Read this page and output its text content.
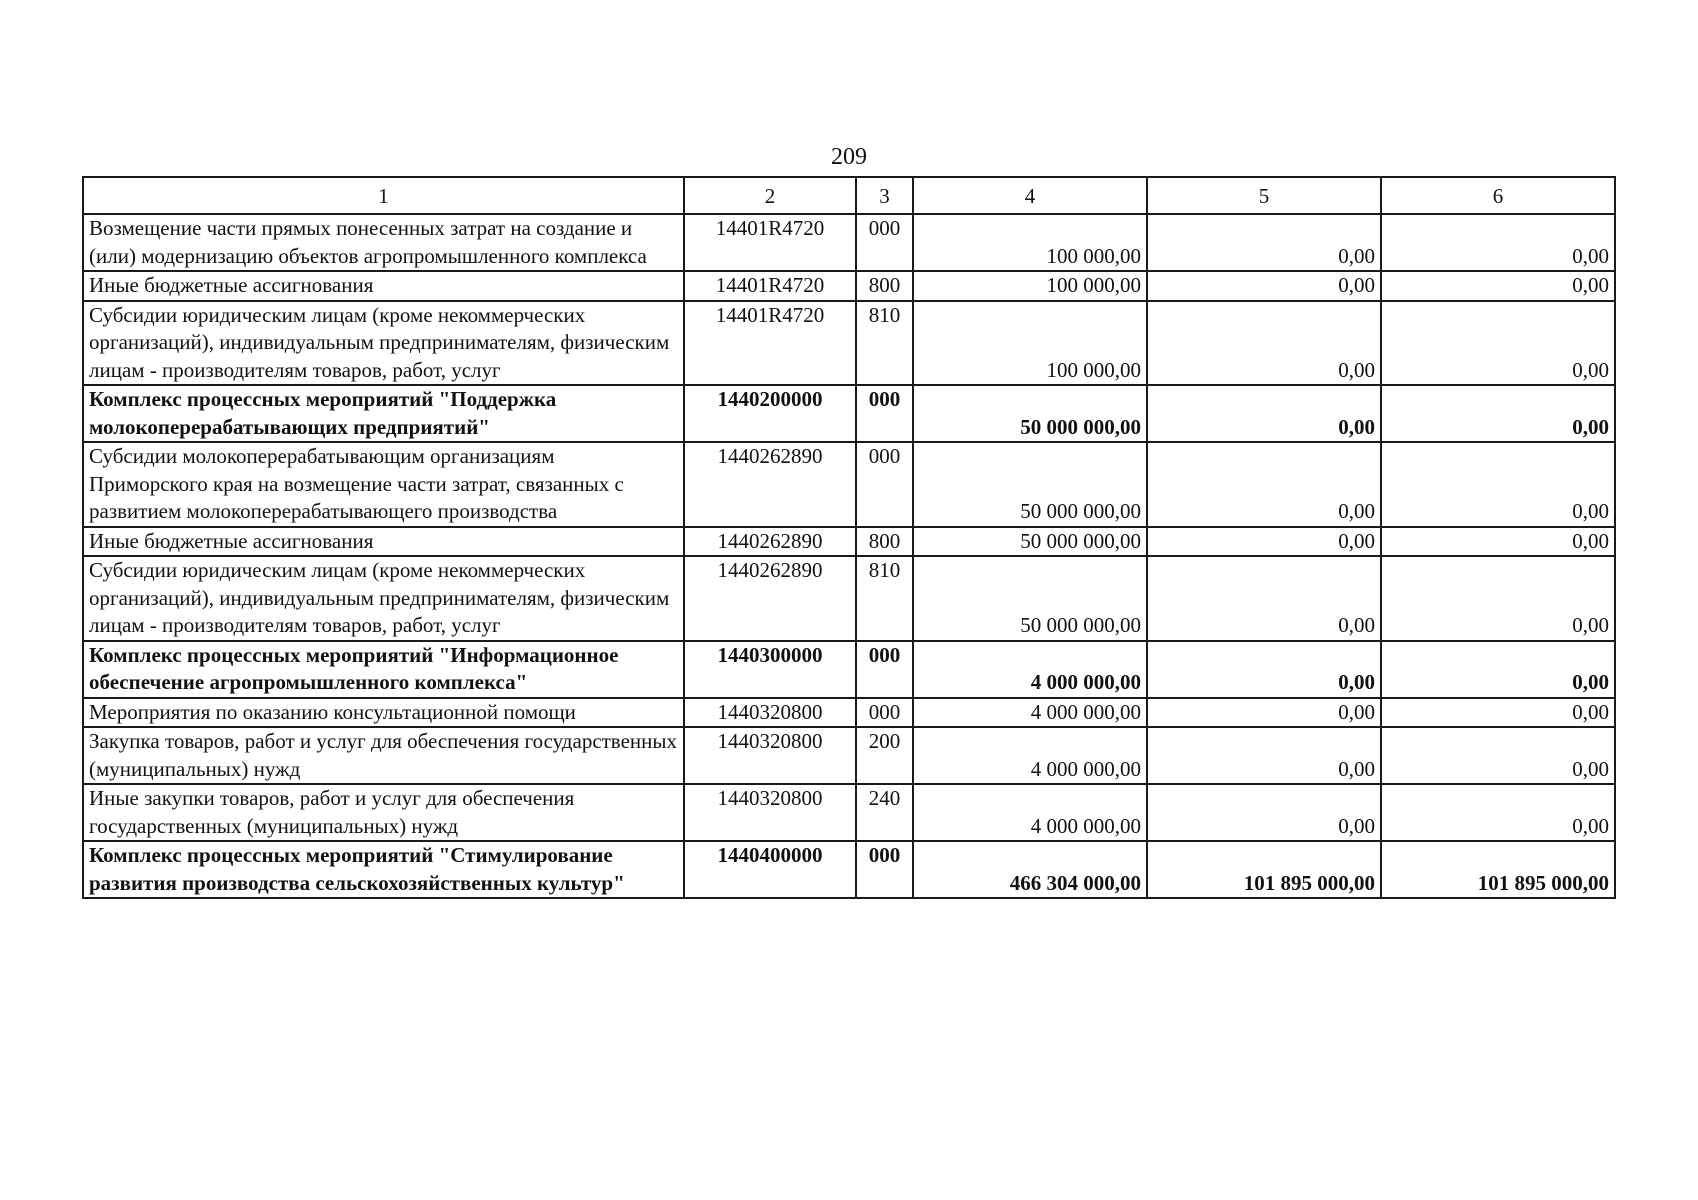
209
1	2	3	4	5	6
Возмещение части прямых понесенных затрат на создание и (или) модернизацию объектов агропромышленного комплекса	14401R4720	000	100 000,00	0,00	0,00
Иные бюджетные ассигнования	14401R4720	800	100 000,00	0,00	0,00
Субсидии юридическим лицам (кроме некоммерческих организаций), индивидуальным предпринимателям, физическим лицам - производителям товаров, работ, услуг	14401R4720	810	100 000,00	0,00	0,00
Комплекс процессных мероприятий "Поддержка молокоперерабатывающих предприятий"	1440200000	000	50 000 000,00	0,00	0,00
Субсидии молокоперерабатывающим организациям Приморского края на возмещение части затрат, связанных с развитием молокоперерабатывающего производства	1440262890	000	50 000 000,00	0,00	0,00
Иные бюджетные ассигнования	1440262890	800	50 000 000,00	0,00	0,00
Субсидии юридическим лицам (кроме некоммерческих организаций), индивидуальным предпринимателям, физическим лицам - производителям товаров, работ, услуг	1440262890	810	50 000 000,00	0,00	0,00
Комплекс процессных мероприятий "Информационное обеспечение агропромышленного комплекса"	1440300000	000	4 000 000,00	0,00	0,00
Мероприятия по оказанию консультационной помощи	1440320800	000	4 000 000,00	0,00	0,00
Закупка товаров, работ и услуг для обеспечения государственных (муниципальных) нужд	1440320800	200	4 000 000,00	0,00	0,00
Иные закупки товаров, работ и услуг для обеспечения государственных (муниципальных) нужд	1440320800	240	4 000 000,00	0,00	0,00
Комплекс процессных мероприятий "Стимулирование развития производства сельскохозяйственных культур"	1440400000	000	466 304 000,00	101 895 000,00	101 895 000,00
